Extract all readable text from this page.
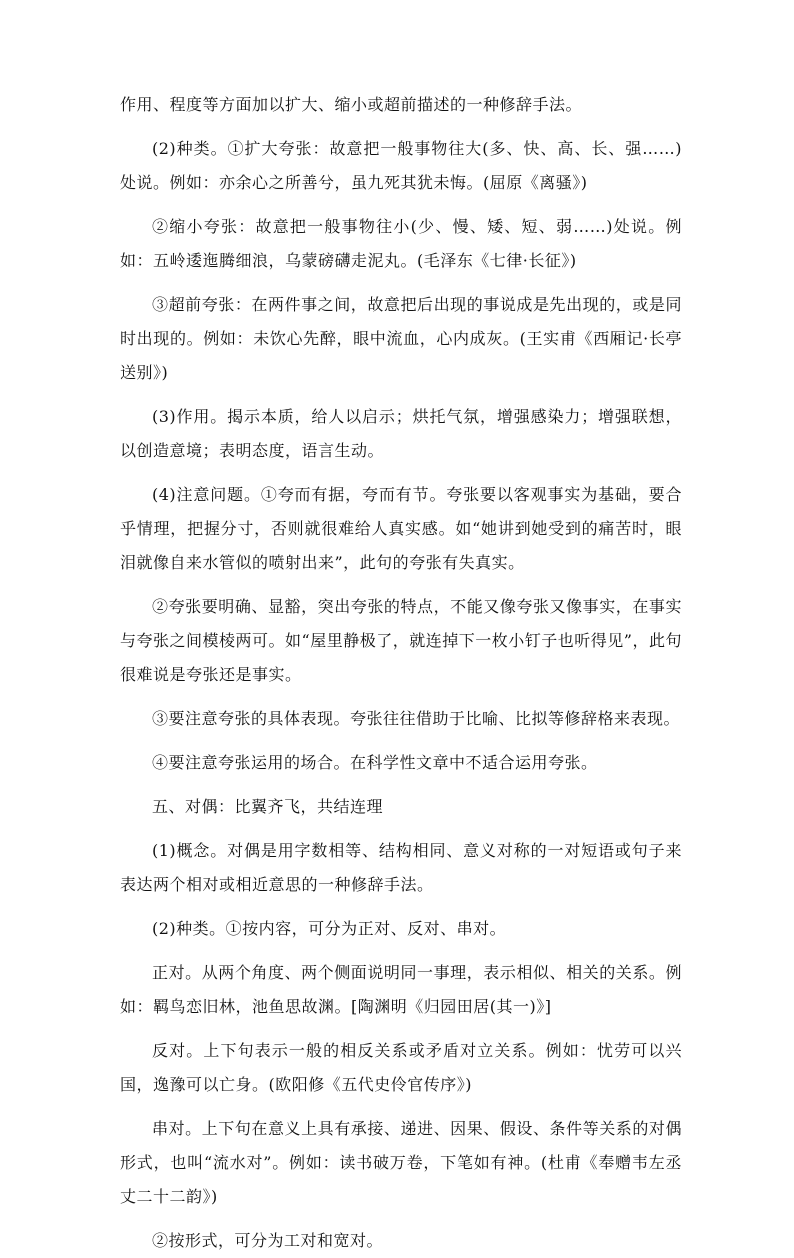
作用、程度等方面加以扩大、缩小或超前描述的一种修辞手法。

(2)种类。①扩大夸张：故意把一般事物往大(多、快、高、长、强……)处说。例如：亦余心之所善兮，虽九死其犹未悔。(屈原《离骚》)

②缩小夸张：故意把一般事物往小(少、慢、矮、短、弱……)处说。例如：五岭逶迤腾细浪，乌蒙磅礴走泥丸。(毛泽东《七律·长征》)

③超前夸张：在两件事之间，故意把后出现的事说成是先出现的，或是同时出现的。例如：未饮心先醉，眼中流血，心内成灰。(王实甫《西厢记·长亭送别》)

(3)作用。揭示本质，给人以启示；烘托气氛，增强感染力；增强联想，以创造意境；表明态度，语言生动。

(4)注意问题。①夸而有据，夸而有节。夸张要以客观事实为基础，要合乎情理，把握分寸，否则就很难给人真实感。如“她讲到她受到的痛苦时，眼泪就像自来水管似的喷射出来”，此句的夸张有失真实。

②夸张要明确、显豁，突出夸张的特点，不能又像夸张又像事实，在事实与夸张之间模棱两可。如“屋里静极了，就连掉下一枚小钉子也听得见”，此句很难说是夸张还是事实。

③要注意夸张的具体表现。夸张往往借助于比喻、比拟等修辞格来表现。

④要注意夸张运用的场合。在科学性文章中不适合运用夸张。

五、对偶：比翼齐飞，共结连理

(1)概念。对偶是用字数相等、结构相同、意义对称的一对短语或句子来表达两个相对或相近意思的一种修辞手法。

(2)种类。①按内容，可分为正对、反对、串对。

正对。从两个角度、两个侧面说明同一事理，表示相似、相关的关系。例如：羁鸟恋旧林，池鱼思故渊。[陶渊明《归园田居(其一)》]

反对。上下句表示一般的相反关系或矛盾对立关系。例如：忧劳可以兴国，逸豫可以亡身。(欧阳修《五代史伶官传序》)

串对。上下句在意义上具有承接、递进、因果、假设、条件等关系的对偶形式，也叫“流水对”。例如：读书破万卷，下笔如有神。(杜甫《奉赠韦左丞丈二十二韵》)

②按形式，可分为工对和宽对。
